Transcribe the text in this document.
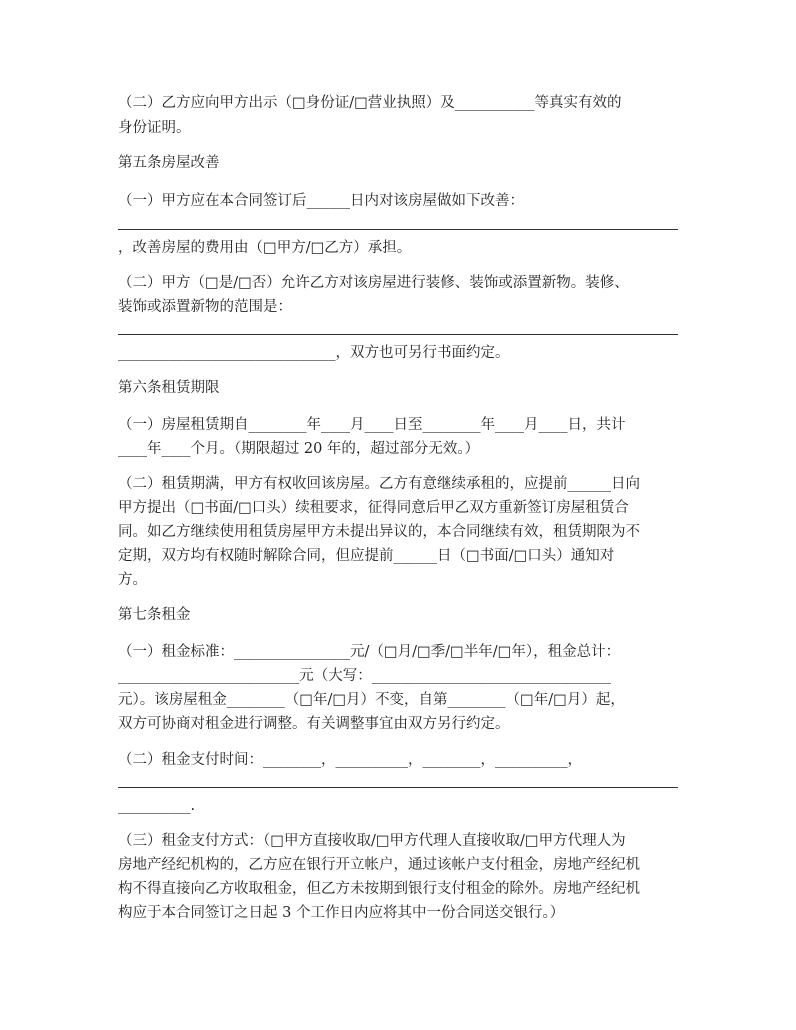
（二）乙方应向甲方出示（□身份证/□营业执照）及___________等真实有效的
身份证明。
第五条房屋改善
（一）甲方应在本合同签订后______日内对该房屋做如下改善：
，改善房屋的费用由（□甲方/□乙方）承担。
（二）甲方（□是/□否）允许乙方对该房屋进行装修、装饰或添置新物。装修、
装饰或添置新物的范围是：
______________________________，双方也可另行书面约定。
第六条租赁期限
（一）房屋租赁期自________年____月____日至________年____月____日，共计
____年____个月。（期限超过 20 年的，超过部分无效。）
（二）租赁期满，甲方有权收回该房屋。乙方有意继续承租的，应提前______日向
甲方提出（□书面/□口头）续租要求，征得同意后甲乙双方重新签订房屋租赁合
同。如乙方继续使用租赁房屋甲方未提出异议的，本合同继续有效，租赁期限为不
定期，双方均有权随时解除合同，但应提前______日（□书面/□口头）通知对
方。
第七条租金
（一）租金标准：________________元/（□月/□季/□半年/□年），租金总计：
_________________________元（大写：_________________________________
元）。该房屋租金________（□年/□月）不变，自第________（□年/□月）起，
双方可协商对租金进行调整。有关调整事宜由双方另行约定。
（二）租金支付时间：________，__________，________，__________，
__________.
（三）租金支付方式：（□甲方直接收取/□甲方代理人直接收取/□甲方代理人为
房地产经纪机构的，乙方应在银行开立帐户，通过该帐户支付租金，房地产经纪机
构不得直接向乙方收取租金，但乙方未按期到银行支付租金的除外。房地产经纪机
构应于本合同签订之日起 3 个工作日内应将其中一份合同送交银行。）
